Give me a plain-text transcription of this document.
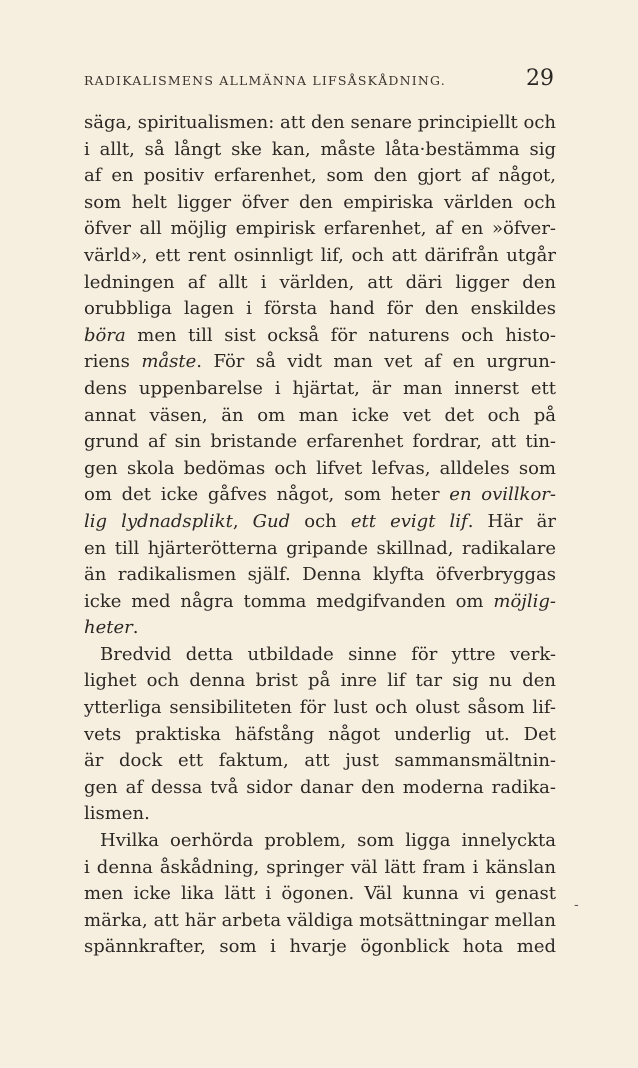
RADIKALISMENS ALLMÄNNA LIFSÅSKÅDNING.	29
säga, spiritualismen: att den senare principiellt och
i allt, så långt ske kan, måste låta·bestämma sig
af en positiv erfarenhet, som den gjort af något,
som helt ligger öfver den empiriska världen och
öfver all möjlig empirisk erfarenhet, af en »öfver-
värld», ett rent osinnligt lif, och att därifrån utgår
ledningen af allt i världen, att däri ligger den
orubbliga lagen i första hand för den enskildes
böra men till sist också för naturens och histo-
riens måste. För så vidt man vet af en urgrun-
dens uppenbarelse i hjärtat, är man innerst ett
annat väsen, än om man icke vet det och på
grund af sin bristande erfarenhet fordrar, att tin-
gen skola bedömas och lifvet lefvas, alldeles som
om det icke gåfves något, som heter en ovillkor-
lig lydnadsplikt, Gud och ett evigt lif. Här är
en till hjärterötterna gripande skillnad, radikalare
än radikalismen själf. Denna klyfta öfverbryggas
icke med några tomma medgifvanden om möjlig-
heter.
Bredvid detta utbildade sinne för yttre verk-
lighet och denna brist på inre lif tar sig nu den
ytterliga sensibiliteten för lust och olust såsom lif-
vets praktiska häfstång något underlig ut. Det
är dock ett faktum, att just sammansmältnin-
gen af dessa två sidor danar den moderna radika-
lismen.
Hvilka oerhörda problem, som ligga innelyckta
i denna åskådning, springer väl lätt fram i känslan
men icke lika lätt i ögonen. Väl kunna vi genast
märka, att här arbeta väldiga motsättningar mellan
spännkrafter, som i hvarje ögonblick hota med
-
